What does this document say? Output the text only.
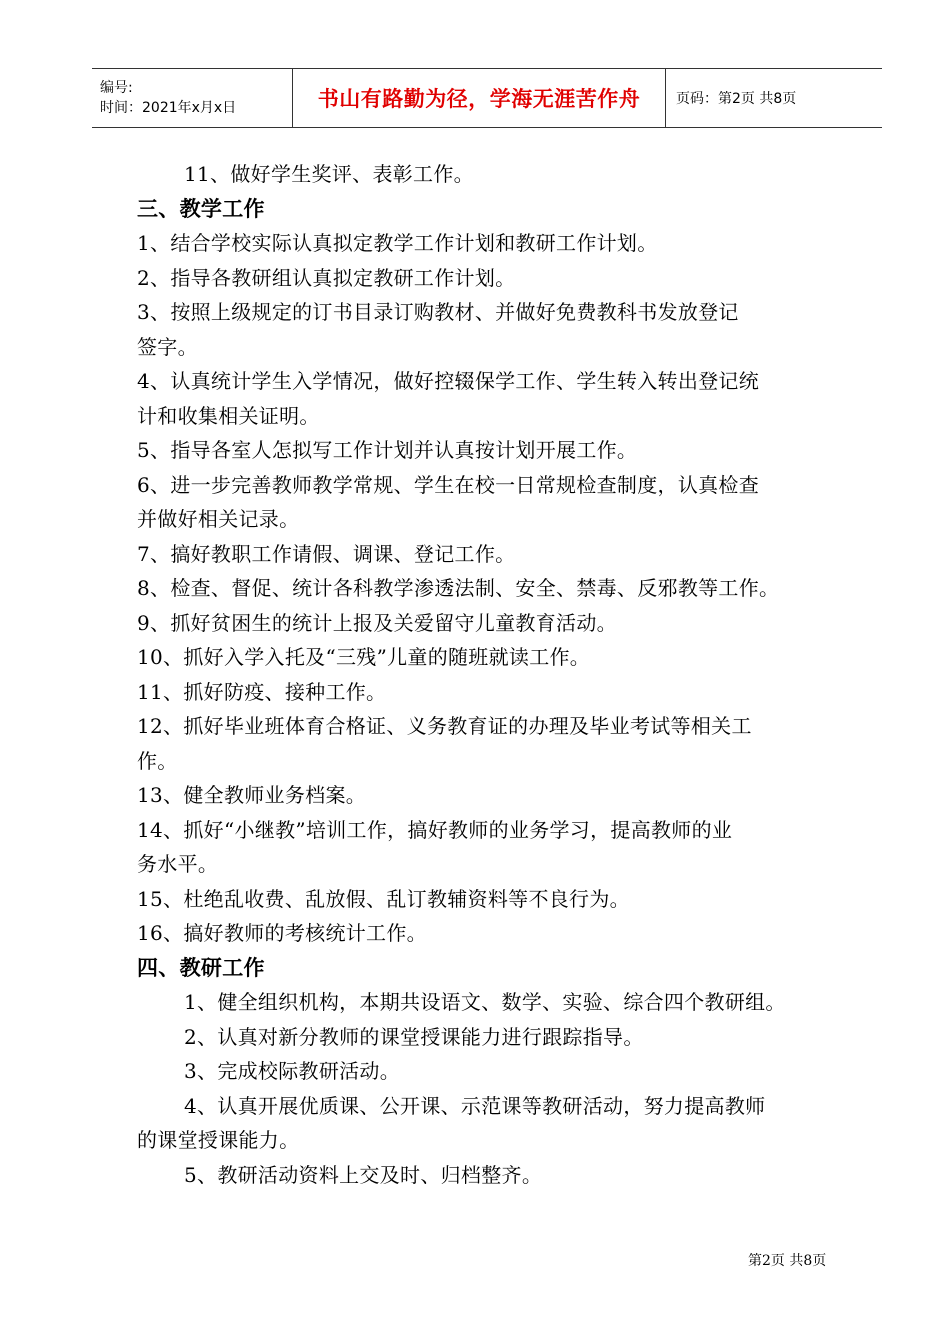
编号:
时间：2021年x月x日	书山有路勤为径，学海无涯苦作舟	页码：第2页 共8页

11、做好学生奖评、表彰工作。

三、教学工作

1、结合学校实际认真拟定教学工作计划和教研工作计划。

2、指导各教研组认真拟定教研工作计划。

3、按照上级规定的订书目录订购教材、并做好免费教科书发放登记

签字。

4、认真统计学生入学情况，做好控辍保学工作、学生转入转出登记统

计和收集相关证明。

5、指导各室人怎拟写工作计划并认真按计划开展工作。

6、进一步完善教师教学常规、学生在校一日常规检查制度，认真检查

并做好相关记录。

7、搞好教职工作请假、调课、登记工作。

8、检查、督促、统计各科教学渗透法制、安全、禁毒、反邪教等工作。

9、抓好贫困生的统计上报及关爱留守儿童教育活动。

10、抓好入学入托及“三残”儿童的随班就读工作。

11、抓好防疫、接种工作。

12、抓好毕业班体育合格证、义务教育证的办理及毕业考试等相关工

作。

13、健全教师业务档案。

14、抓好“小继教”培训工作，搞好教师的业务学习，提高教师的业

务水平。

15、杜绝乱收费、乱放假、乱订教辅资料等不良行为。

16、搞好教师的考核统计工作。

四、教研工作

1、健全组织机构，本期共设语文、数学、实验、综合四个教研组。

2、认真对新分教师的课堂授课能力进行跟踪指导。

3、完成校际教研活动。

4、认真开展优质课、公开课、示范课等教研活动，努力提高教师

的课堂授课能力。

5、教研活动资料上交及时、归档整齐。

第2页 共8页
